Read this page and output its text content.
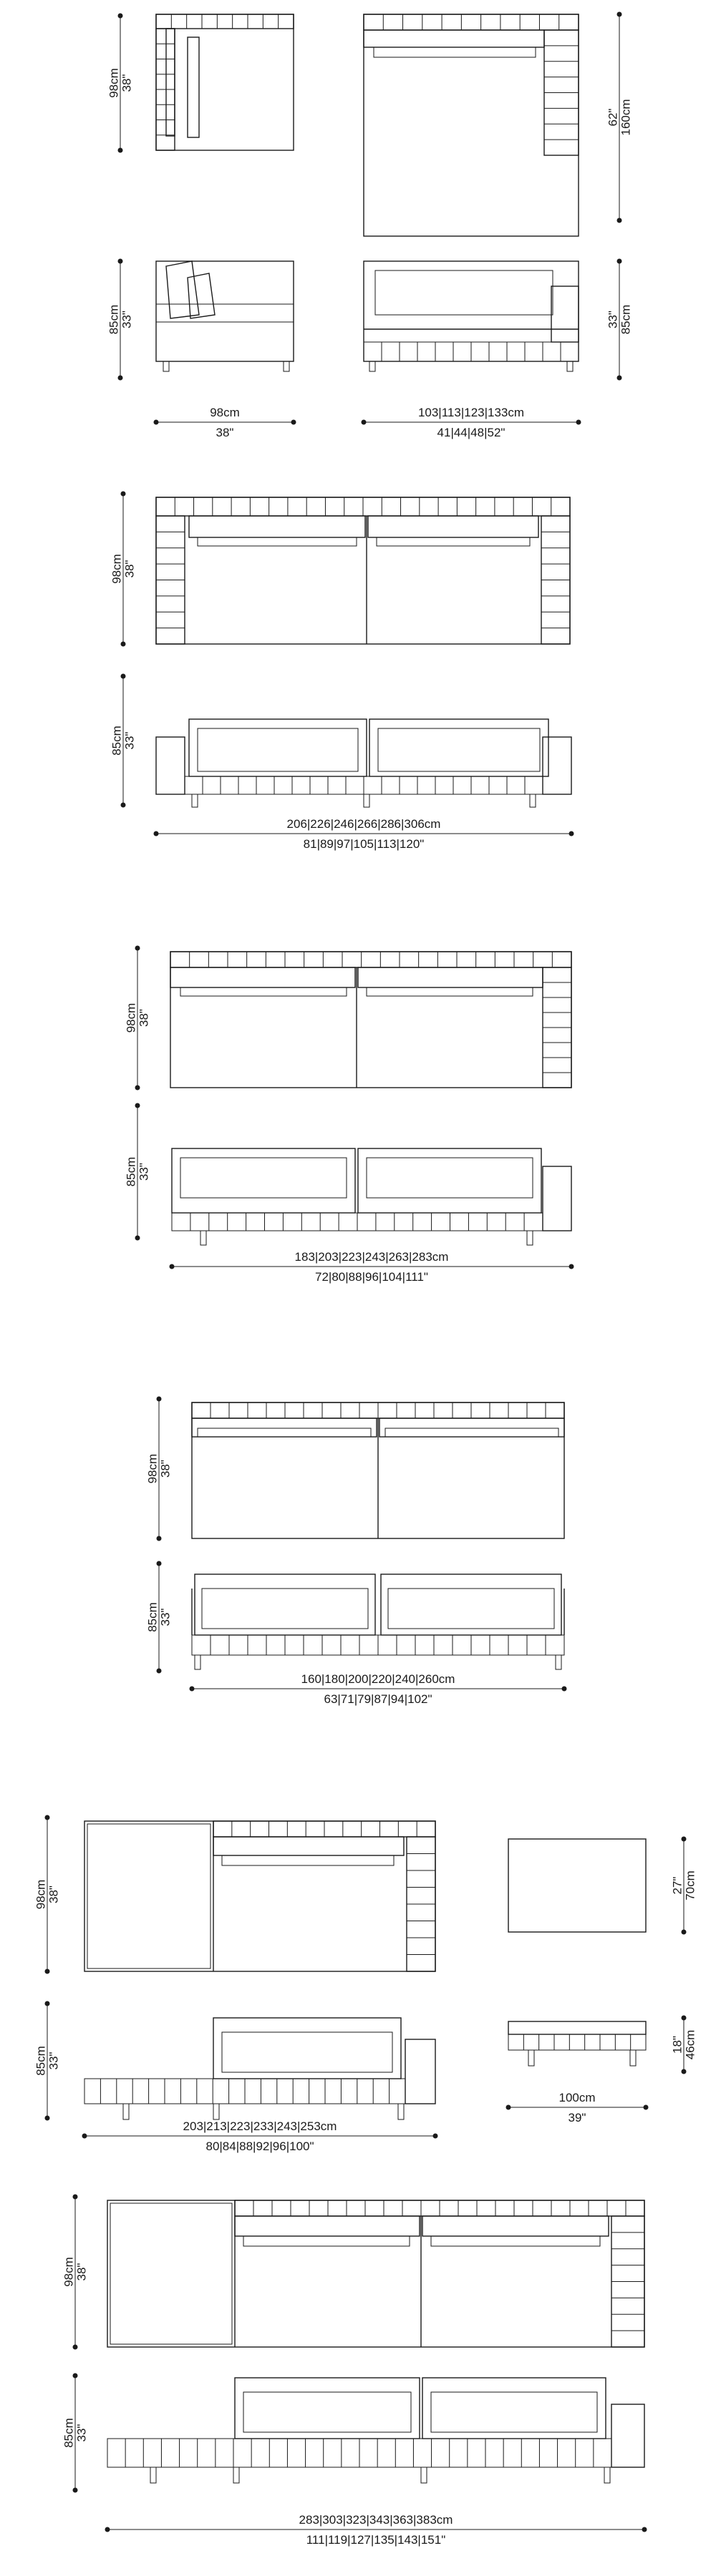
98cm 38"
85cm 33"
98cm
38"
160cm
62"
85cm
33"
103|113|123|133cm
41|44|48|52"
98cm 38"
85cm 33"
206|226|246|266|286|306cm
81|89|97|105|113|120"
98cm 38"
85cm 33"
183|203|223|243|263|283cm
72|80|88|96|104|111"
98cm 38"
85cm 33"
160|180|200|220|240|260cm
63|71|79|87|94|102"
98cm 38"
85cm 33"
203|213|223|233|243|253cm
80|84|88|92|96|100"
70cm
27"
46cm
18"
100cm
39"
98cm 38"
85cm 33"
283|303|323|343|363|383cm
111|119|127|135|143|151"
